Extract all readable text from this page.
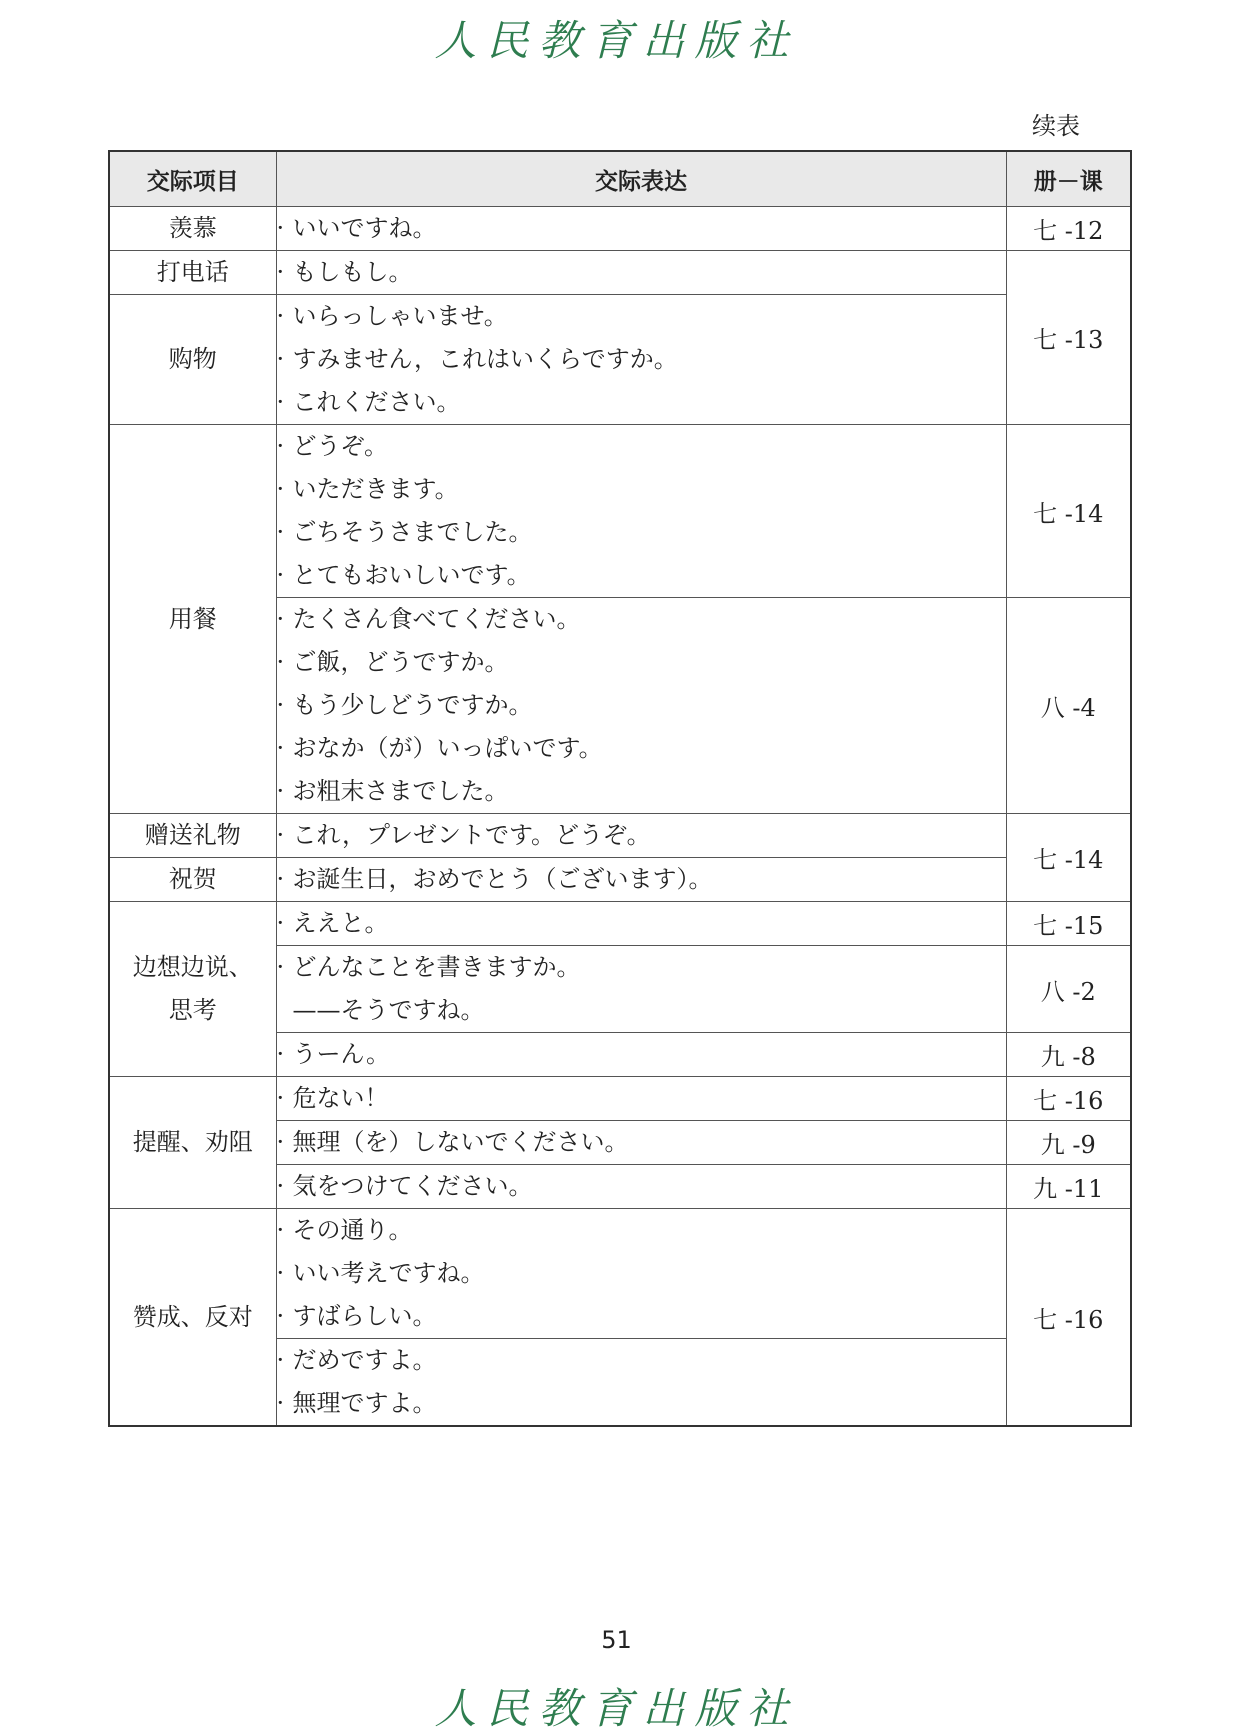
人民教育出版社
续表
交际项目	交际表达	册－课
羡慕	· いいですね。	七 -12
打电话	· もしもし。	七 -13
购物	· いらっしゃいませ。
· すみません，これはいくらですか。
· これください。	

用餐	· どうぞ。
· いただきます。
· ごちそうさまでした。
· とてもおいしいです。	七 -14

	· たくさん食べてください。
· ご飯，どうですか。
· もう少しどうですか。
· おなか（が）いっぱいです。
· お粗末さまでした。	八 -4
赠送礼物	· これ，プレゼントです。どうぞ。	七 -14
祝贺	· お誕生日，おめでとう（ございます）。	

边想边说、思考	· ええと。	七 -15

	· どんなことを書きますか。
——そうですね。	八 -2

	· うーん。	九 -8
提醒、劝阻	· 危ない！	七 -16

	· 無理（を）しないでください。	九 -9

	· 気をつけてください。	九 -11
赞成、反对	· その通り。
· いい考えですね。
· すばらしい。	七 -16

	· だめですよ。
· 無理ですよ。	
51
人民教育出版社
